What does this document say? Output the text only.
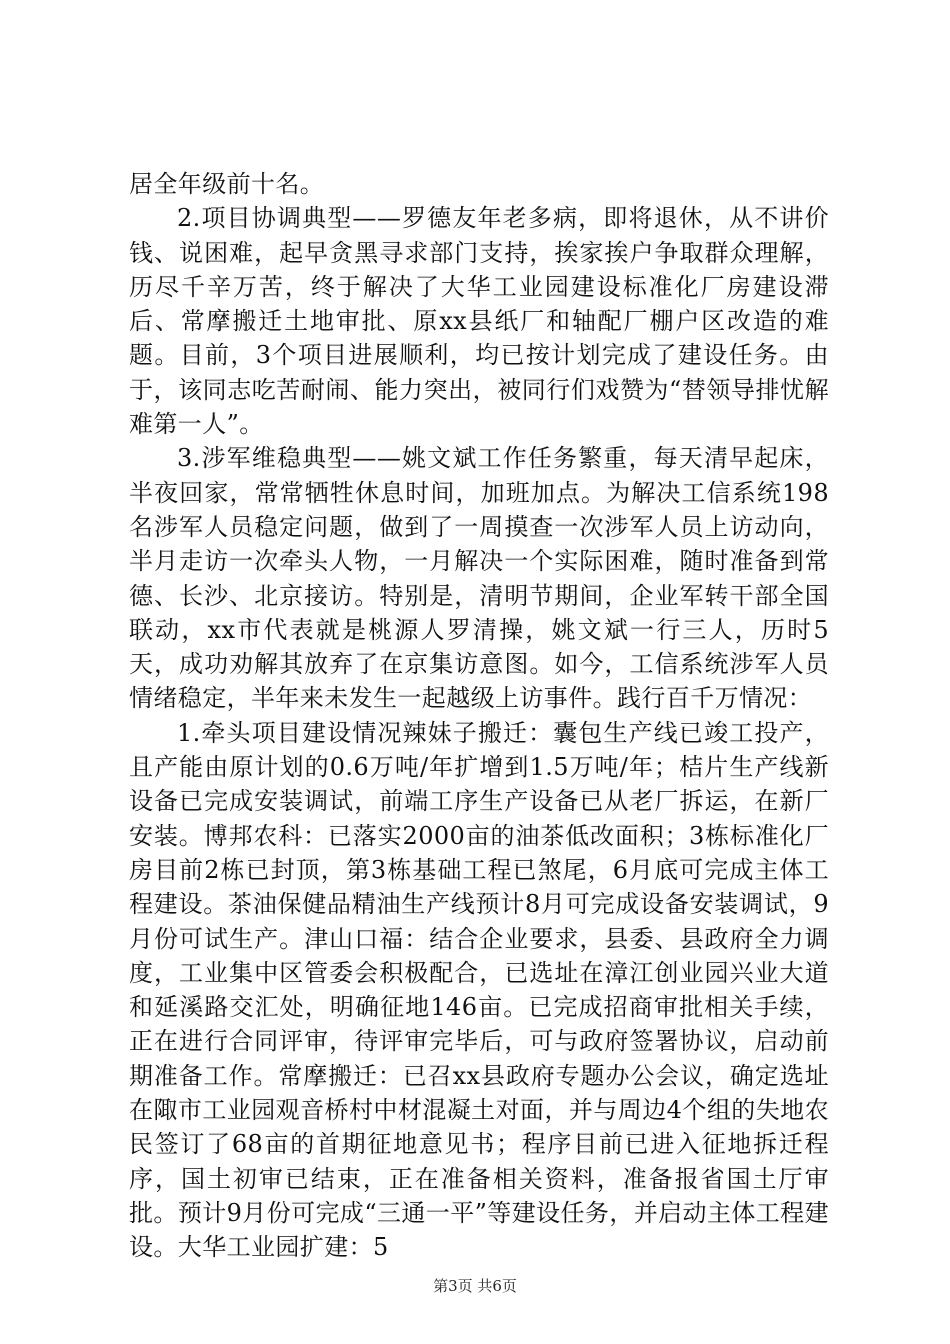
居全年级前十名。

2.项目协调典型——罗德友年老多病，即将退休，从不讲价钱、说困难，起早贪黑寻求部门支持，挨家挨户争取群众理解，历尽千辛万苦，终于解决了大华工业园建设标准化厂房建设滞后、常摩搬迁土地审批、原xx县纸厂和轴配厂棚户区改造的难题。目前，3个项目进展顺利，均已按计划完成了建设任务。由于，该同志吃苦耐闹、能力突出，被同行们戏赞为“替领导排忧解难第一人”。

3.涉军维稳典型——姚文斌工作任务繁重，每天清早起床，半夜回家，常常牺牲休息时间，加班加点。为解决工信系统198名涉军人员稳定问题，做到了一周摸查一次涉军人员上访动向，半月走访一次牵头人物，一月解决一个实际困难，随时准备到常德、长沙、北京接访。特别是，清明节期间，企业军转干部全国联动，xx市代表就是桃源人罗清操，姚文斌一行三人，历时5天，成功劝解其放弃了在京集访意图。如今，工信系统涉军人员情绪稳定，半年来未发生一起越级上访事件。践行百千万情况：

1.牵头项目建设情况辣妹子搬迁：囊包生产线已竣工投产，且产能由原计划的0.6万吨/年扩增到1.5万吨/年；桔片生产线新设备已完成安装调试，前端工序生产设备已从老厂拆运，在新厂安装。博邦农科：已落实2000亩的油茶低改面积；3栋标准化厂房目前2栋已封顶，第3栋基础工程已煞尾，6月底可完成主体工程建设。茶油保健品精油生产线预计8月可完成设备安装调试，9月份可试生产。津山口福：结合企业要求，县委、县政府全力调度，工业集中区管委会积极配合，已选址在漳江创业园兴业大道和延溪路交汇处，明确征地146亩。已完成招商审批相关手续，正在进行合同评审，待评审完毕后，可与政府签署协议，启动前期准备工作。常摩搬迁：已召xx县政府专题办公会议，确定选址在陬市工业园观音桥村中材混凝土对面，并与周边4个组的失地农民签订了68亩的首期征地意见书；程序目前已进入征地拆迁程序，国土初审已结束，正在准备相关资料，准备报省国土厅审批。预计9月份可完成“三通一平”等建设任务，并启动主体工程建设。大华工业园扩建：5

第3页 共6页
